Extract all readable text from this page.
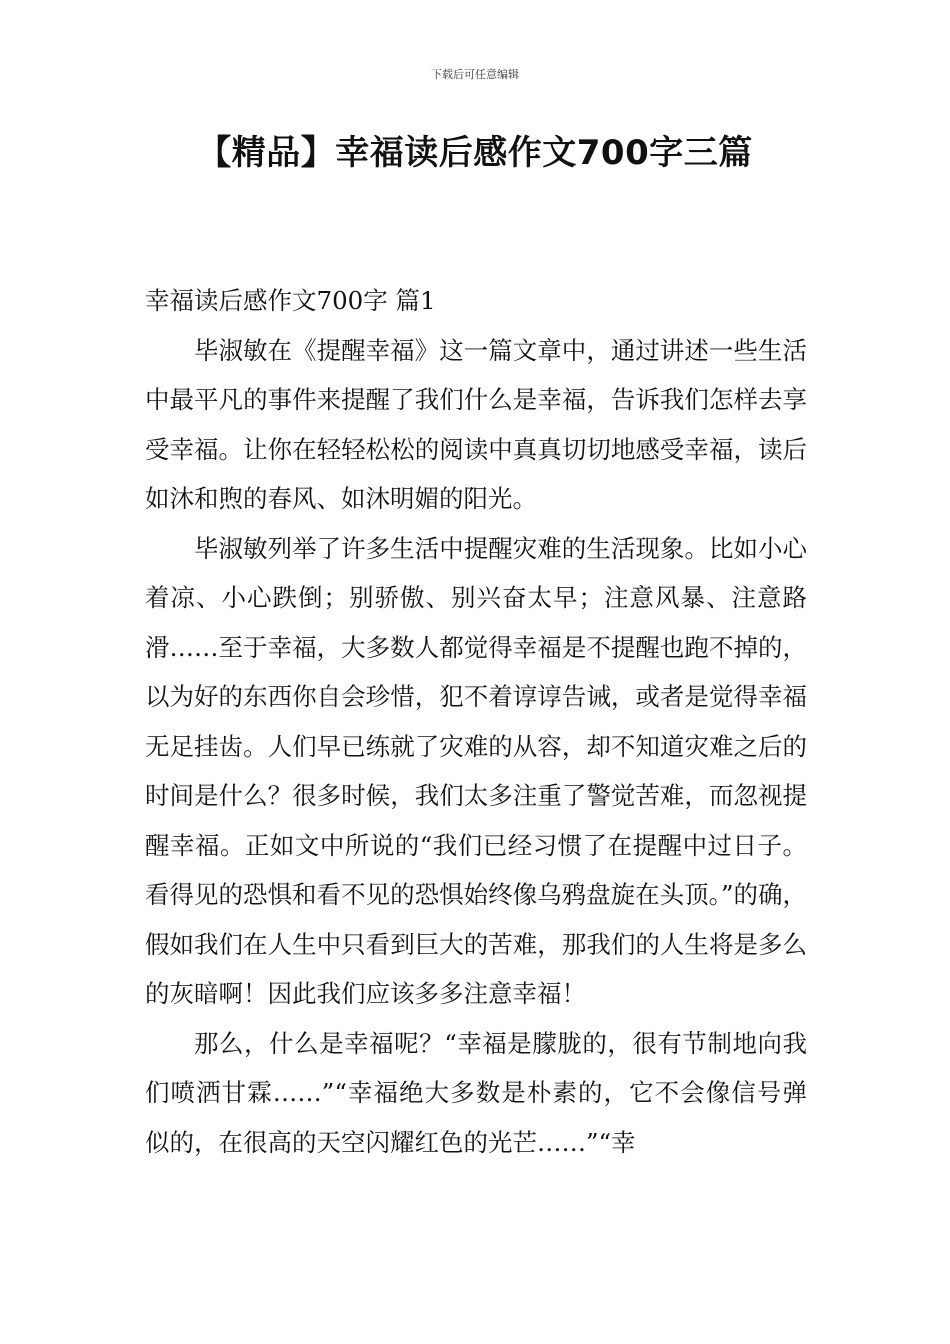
下载后可任意编辑
【精品】幸福读后感作文700字三篇

幸福读后感作文700字 篇1

毕淑敏在《提醒幸福》这一篇文章中，通过讲述一些生活中最平凡的事件来提醒了我们什么是幸福，告诉我们怎样去享受幸福。让你在轻轻松松的阅读中真真切切地感受幸福，读后如沐和煦的春风、如沐明媚的阳光。

毕淑敏列举了许多生活中提醒灾难的生活现象。比如小心着凉、小心跌倒；别骄傲、别兴奋太早；注意风暴、注意路滑……至于幸福，大多数人都觉得幸福是不提醒也跑不掉的，以为好的东西你自会珍惜，犯不着谆谆告诫，或者是觉得幸福无足挂齿。人们早已练就了灾难的从容，却不知道灾难之后的时间是什么？很多时候，我们太多注重了警觉苦难，而忽视提醒幸福。正如文中所说的“我们已经习惯了在提醒中过日子。看得见的恐惧和看不见的恐惧始终像乌鸦盘旋在头顶。”的确，假如我们在人生中只看到巨大的苦难，那我们的人生将是多么的灰暗啊！因此我们应该多多注意幸福！

那么，什么是幸福呢？“幸福是朦胧的，很有节制地向我们喷洒甘霖……”“幸福绝大多数是朴素的，它不会像信号弹似的，在很高的天空闪耀红色的光芒……”“幸
